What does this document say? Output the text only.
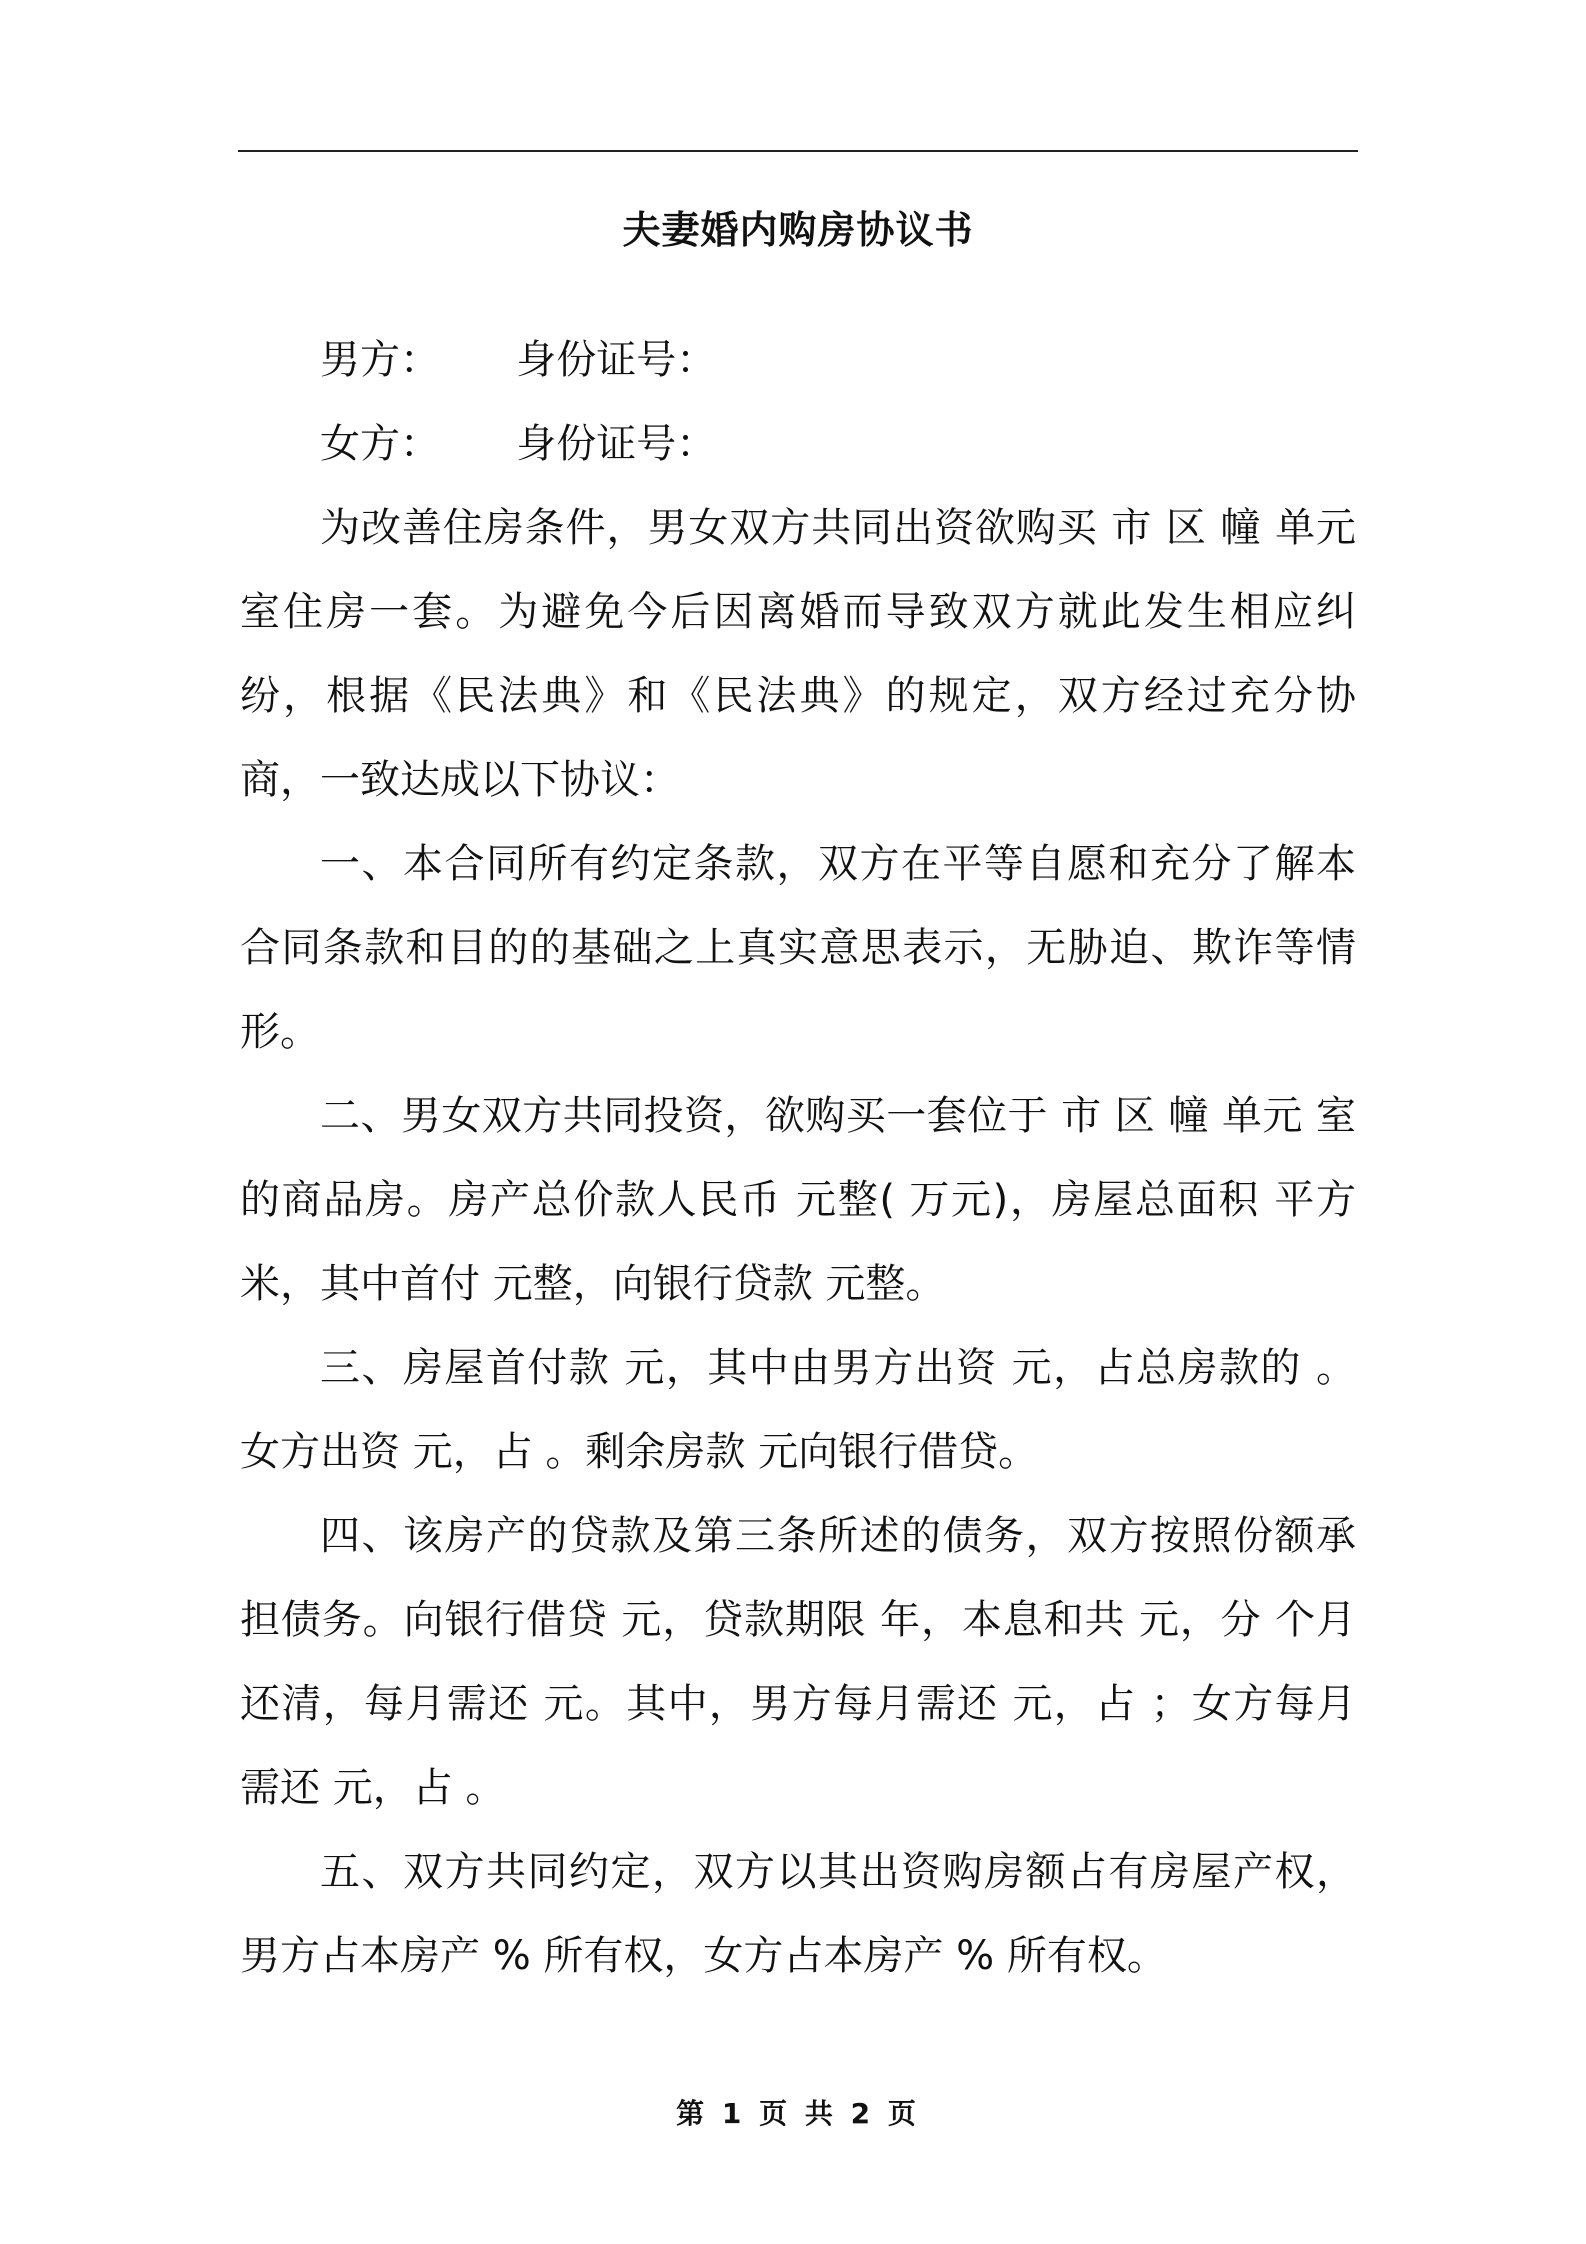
夫妻婚内购房协议书

男方：      身份证号：

女方：      身份证号：

为改善住房条件，男女双方共同出资欲购买 市 区 幢 单元 室住房一套。为避免今后因离婚而导致双方就此发生相应纠纷，根据《民法典》和《民法典》的规定，双方经过充分协商，一致达成以下协议：

一、本合同所有约定条款，双方在平等自愿和充分了解本合同条款和目的的基础之上真实意思表示，无胁迫、欺诈等情形。

二、男女双方共同投资，欲购买一套位于 市 区 幢 单元 室的商品房。房产总价款人民币 元整( 万元)，房屋总面积 平方米，其中首付 元整，向银行贷款 元整。

三、房屋首付款 元，其中由男方出资 元，占总房款的 。女方出资 元，占 。剩余房款 元向银行借贷。

四、该房产的贷款及第三条所述的债务，双方按照份额承担债务。向银行借贷 元，贷款期限 年，本息和共 元，分 个月还清，每月需还 元。其中，男方每月需还 元，占 ；女方每月需还 元，占 。

五、双方共同约定，双方以其出资购房额占有房屋产权，男方占本房产 % 所有权，女方占本房产 % 所有权。

第 1 页 共 2 页
